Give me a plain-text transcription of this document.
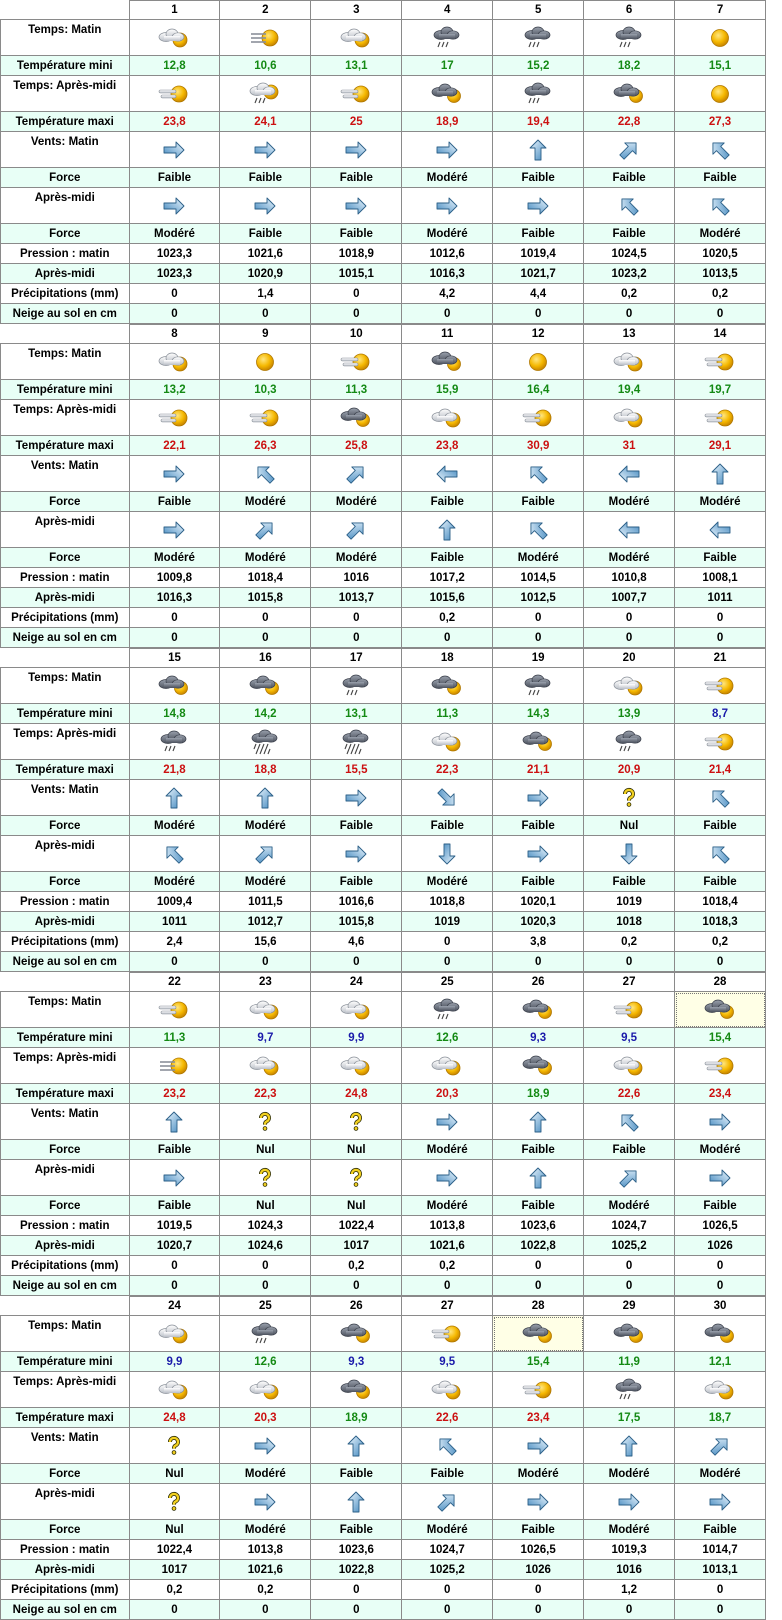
	1	2	3	4	5	6	7
Temps: Matin	

Température mini	12,8	10,6	13,1	17	15,2	18,2	15,1
Temps: Après-midi	

Température maxi	23,8	24,1	25	18,9	19,4	22,8	27,3
Vents: Matin	

Force	Faible	Faible	Faible	Modéré	Faible	Faible	Faible
Après-midi	

Force	Modéré	Faible	Faible	Modéré	Faible	Faible	Modéré
Pression : matin	1023,3	1021,6	1018,9	1012,6	1019,4	1024,5	1020,5
Après-midi	1023,3	1020,9	1015,1	1016,3	1021,7	1023,2	1013,5
Précipitations (mm)	0	1,4	0	4,2	4,4	0,2	0,2
Neige au sol en cm	0	0	0	0	0	0	0
	8	9	10	11	12	13	14
Temps: Matin	

Température mini	13,2	10,3	11,3	15,9	16,4	19,4	19,7
Temps: Après-midi	

Température maxi	22,1	26,3	25,8	23,8	30,9	31	29,1
Vents: Matin	

Force	Faible	Modéré	Modéré	Faible	Faible	Modéré	Modéré
Après-midi	

Force	Modéré	Modéré	Modéré	Faible	Modéré	Modéré	Faible
Pression : matin	1009,8	1018,4	1016	1017,2	1014,5	1010,8	1008,1
Après-midi	1016,3	1015,8	1013,7	1015,6	1012,5	1007,7	1011
Précipitations (mm)	0	0	0	0,2	0	0	0
Neige au sol en cm	0	0	0	0	0	0	0
	15	16	17	18	19	20	21
Temps: Matin	

Température mini	14,8	14,2	13,1	11,3	14,3	13,9	8,7
Temps: Après-midi	

Température maxi	21,8	18,8	15,5	22,3	21,1	20,9	21,4
Vents: Matin	

Force	Modéré	Modéré	Faible	Faible	Faible	Nul	Faible
Après-midi	

Force	Modéré	Modéré	Faible	Modéré	Faible	Faible	Faible
Pression : matin	1009,4	1011,5	1016,6	1018,8	1020,1	1019	1018,4
Après-midi	1011	1012,7	1015,8	1019	1020,3	1018	1018,3
Précipitations (mm)	2,4	15,6	4,6	0	3,8	0,2	0,2
Neige au sol en cm	0	0	0	0	0	0	0
	22	23	24	25	26	27	28
Temps: Matin	

Température mini	11,3	9,7	9,9	12,6	9,3	9,5	15,4
Temps: Après-midi	

Température maxi	23,2	22,3	24,8	20,3	18,9	22,6	23,4
Vents: Matin	

Force	Faible	Nul	Nul	Modéré	Faible	Faible	Modéré
Après-midi	

Force	Faible	Nul	Nul	Modéré	Faible	Modéré	Faible
Pression : matin	1019,5	1024,3	1022,4	1013,8	1023,6	1024,7	1026,5
Après-midi	1020,7	1024,6	1017	1021,6	1022,8	1025,2	1026
Précipitations (mm)	0	0	0,2	0,2	0	0	0
Neige au sol en cm	0	0	0	0	0	0	0
	24	25	26	27	28	29	30
Temps: Matin	

Température mini	9,9	12,6	9,3	9,5	15,4	11,9	12,1
Temps: Après-midi	

Température maxi	24,8	20,3	18,9	22,6	23,4	17,5	18,7
Vents: Matin	

Force	Nul	Modéré	Faible	Faible	Modéré	Modéré	Modéré
Après-midi	

Force	Nul	Modéré	Faible	Modéré	Faible	Modéré	Faible
Pression : matin	1022,4	1013,8	1023,6	1024,7	1026,5	1019,3	1014,7
Après-midi	1017	1021,6	1022,8	1025,2	1026	1016	1013,1
Précipitations (mm)	0,2	0,2	0	0	0	1,2	0
Neige au sol en cm	0	0	0	0	0	0	0
